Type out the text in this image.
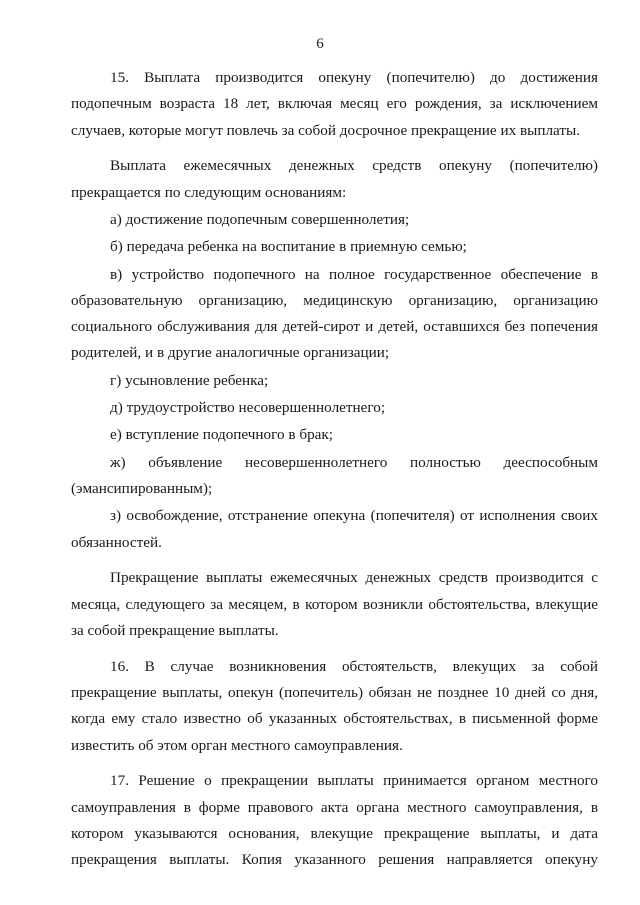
6

15. Выплата производится опекуну (попечителю) до достижения подопечным возраста 18 лет, включая месяц его рождения, за исключением случаев, которые могут повлечь за собой досрочное прекращение их выплаты.

Выплата ежемесячных денежных средств опекуну (попечителю) прекращается по следующим основаниям:

а) достижение подопечным совершеннолетия;

б) передача ребенка на воспитание в приемную семью;

в) устройство подопечного на полное государственное обеспечение в образовательную организацию, медицинскую организацию, организацию социального обслуживания для детей-сирот и детей, оставшихся без попечения родителей, и в другие аналогичные организации;

г) усыновление ребенка;

д) трудоустройство несовершеннолетнего;

е) вступление подопечного в брак;

ж) объявление несовершеннолетнего полностью дееспособным (эмансипированным);

з) освобождение, отстранение опекуна (попечителя) от исполнения своих обязанностей.

Прекращение выплаты ежемесячных денежных средств производится с месяца, следующего за месяцем, в котором возникли обстоятельства, влекущие за собой прекращение выплаты.

16. В случае возникновения обстоятельств, влекущих за собой прекращение выплаты, опекун (попечитель) обязан не позднее 10 дней со дня, когда ему стало известно об указанных обстоятельствах, в письменной форме известить об этом орган местного самоуправления.

17. Решение о прекращении выплаты принимается органом местного самоуправления в форме правового акта органа местного самоуправления, в котором указываются основания, влекущие прекращение выплаты, и дата прекращения выплаты. Копия указанного решения направляется опекуну
